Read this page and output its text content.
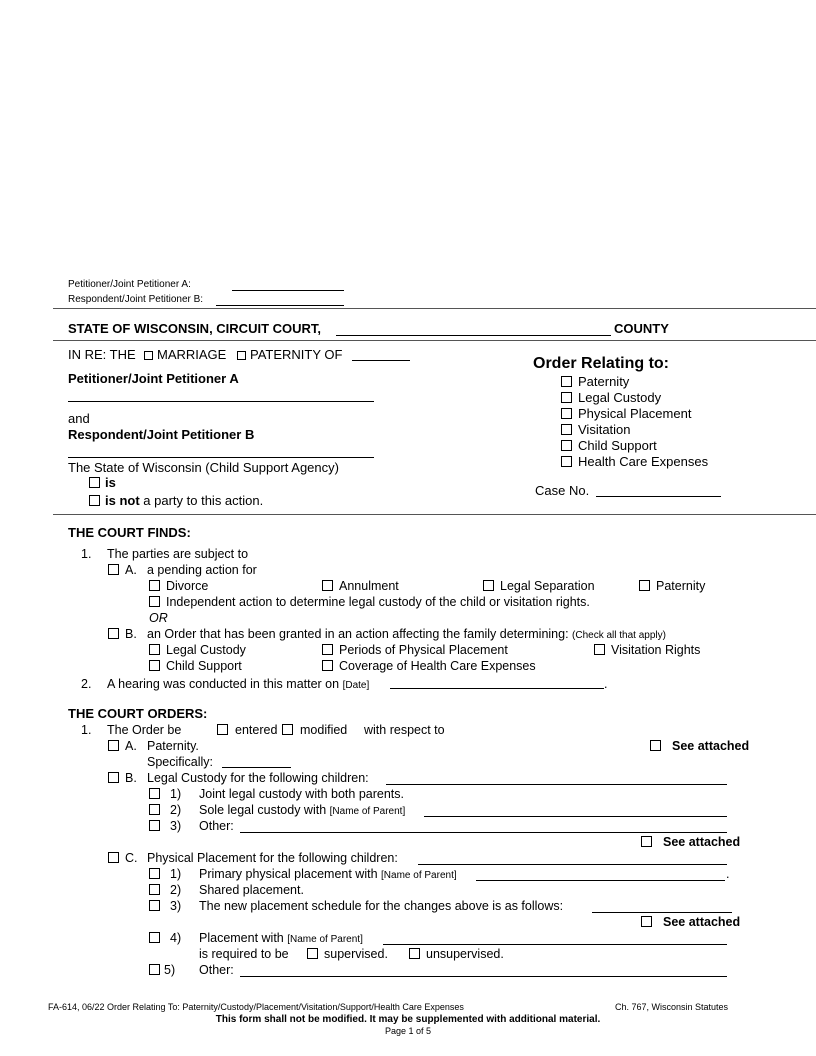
Petitioner/Joint Petitioner A:
Respondent/Joint Petitioner B:
STATE OF WISCONSIN, CIRCUIT COURT,	COUNTY
IN RE: THE MARRIAGE PATERNITY OF
Petitioner/Joint Petitioner A
and
Respondent/Joint Petitioner B
The State of Wisconsin (Child Support Agency)
is
is not a party to this action.
Order Relating to:
Paternity
Legal Custody
Physical Placement
Visitation
Child Support
Health Care Expenses
Case No.
THE COURT FINDS:
1. The parties are subject to
A. a pending action for
Divorce	Annulment	Legal Separation	Paternity
Independent action to determine legal custody of the child or visitation rights.
OR
B. an Order that has been granted in an action affecting the family determining: (Check all that apply)
Legal Custody	Periods of Physical Placement	Visitation Rights
Child Support	Coverage of Health Care Expenses
2. A hearing was conducted in this matter on [Date]	.
THE COURT ORDERS:
1. The Order be	entered modified with respect to
A. Paternity.	See attached
Specifically:
B. Legal Custody for the following children:
1) Joint legal custody with both parents.
2) Sole legal custody with [Name of Parent]
3) Other:
See attached
C. Physical Placement for the following children:
1) Primary physical placement with [Name of Parent]	.
2) Shared placement.
3) The new placement schedule for the changes above is as follows:
See attached
4) Placement with [Name of Parent]
is required to be	supervised.	unsupervised.
5) Other:
FA-614, 06/22 Order Relating To: Paternity/Custody/Placement/Visitation/Support/Health Care Expenses	Ch. 767, Wisconsin Statutes
This form shall not be modified. It may be supplemented with additional material.
Page 1 of 5
